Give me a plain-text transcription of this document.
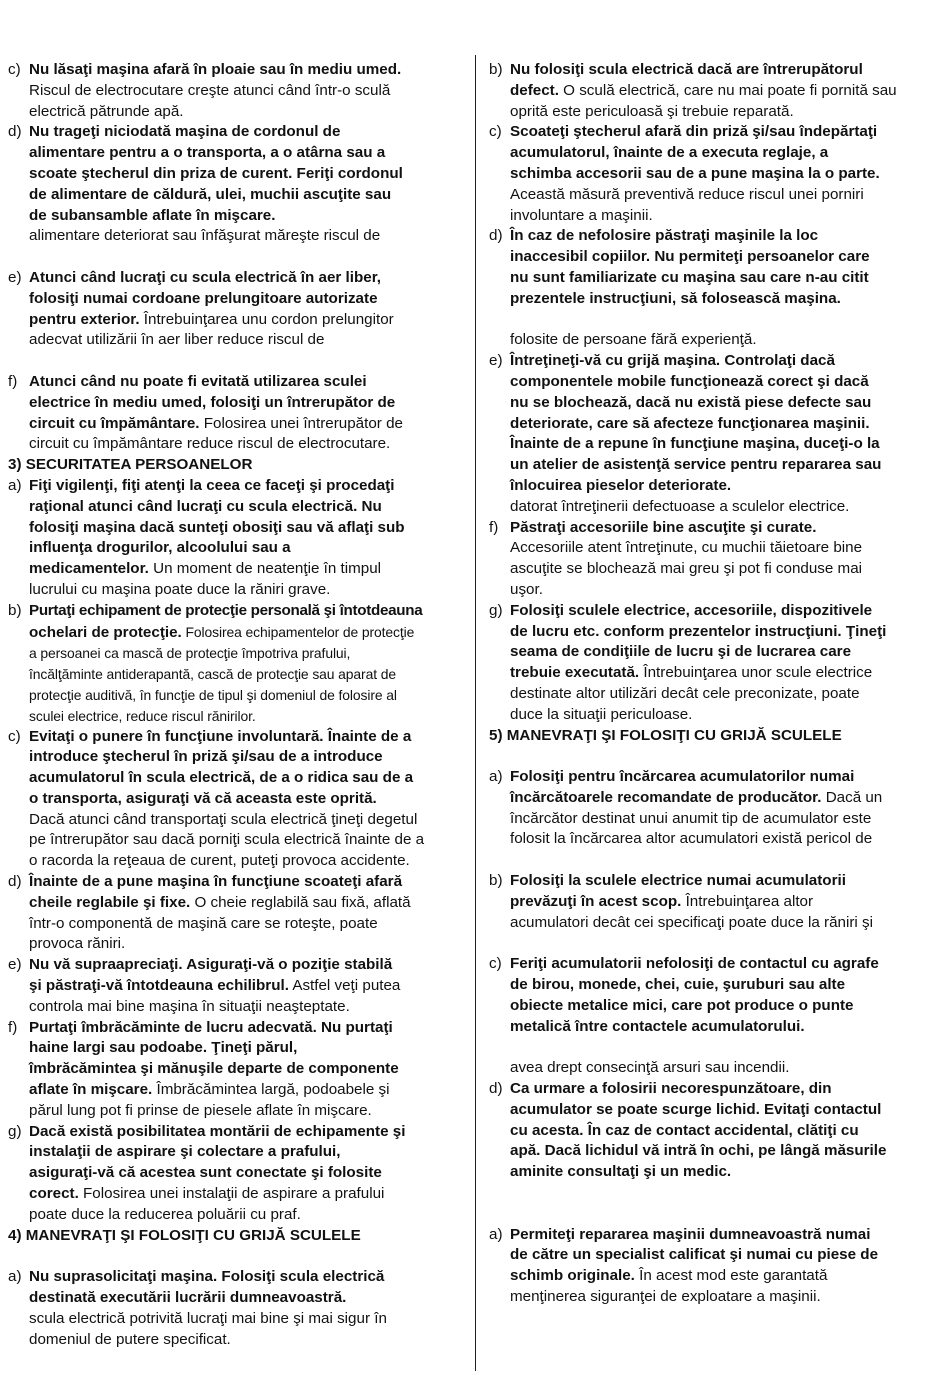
c) Nu lăsaţi maşina afară în ploaie sau în mediu umed.
Riscul de electrocutare creşte atunci când într-o sculă
electrică pătrunde apă.
d) Nu trageţi niciodată maşina de cordonul de
alimentare pentru a o transporta, a o atârna sau a
scoate ştecherul din priza de curent. Feriţi cordonul
de alimentare de căldură, ulei, muchii ascuţite sau
de subansamble aflate în mişcare.
alimentare deteriorat sau înfăşurat măreşte riscul de
e) Atunci când lucraţi cu scula electrică în aer liber,
folosiţi numai cordoane prelungitoare autorizate
pentru exterior. Întrebuinţarea unu cordon prelungitor
adecvat utilizării în aer liber reduce riscul de
f) Atunci când nu poate fi evitată utilizarea sculei
electrice în mediu umed, folosiţi un întrerupător de
circuit cu împământare. Folosirea unei întrerupător de
circuit cu împământare reduce riscul de electrocutare.
3) SECURITATEA PERSOANELOR
a) Fiţi vigilenţi, fiţi atenţi la ceea ce faceţi şi procedaţi
raţional atunci când lucraţi cu scula electrică. Nu
folosiţi maşina dacă sunteţi obosiţi sau vă aflaţi sub
influenţa drogurilor, alcoolului sau a
medicamentelor. Un moment de neatenţie în timpul
lucrului cu maşina poate duce la răniri grave.
b) Purtaţi echipament de protecţie personală şi întotdeauna
ochelari de protecţie. Folosirea echipamentelor de protecţie
a persoanei ca mască de protecţie împotriva prafului,
încălţăminte antiderapantă, cască de protecţie sau aparat de
protecţie auditivă, în funcţie de tipul şi domeniul de folosire al
sculei electrice, reduce riscul rănirilor.
c) Evitaţi o punere în funcţiune involuntară. Înainte de a
introduce ştecherul în priză şi/sau de a introduce
acumulatorul în scula electrică, de a o ridica sau de a
o transporta, asiguraţi vă că aceasta este oprită.
Dacă atunci când transportaţi scula electrică ţineţi degetul
pe întrerupător sau dacă porniţi scula electrică înainte de a
o racorda la reţeaua de curent, puteţi provoca accidente.
d) Înainte de a pune maşina în funcţiune scoateţi afară
cheile reglabile şi fixe. O cheie reglabilă sau fixă, aflată
într-o componentă de maşină care se roteşte, poate
provoca răniri.
e) Nu vă supraapreciaţi. Asiguraţi-vă o poziţie stabilă
şi păstraţi-vă întotdeauna echilibrul. Astfel veţi putea
controla mai bine maşina în situaţii neaşteptate.
f) Purtaţi îmbrăcăminte de lucru adecvată. Nu purtaţi
haine largi sau podoabe. Ţineţi părul,
îmbrăcămintea şi mănuşile departe de componente
aflate în mişcare. Îmbrăcămintea largă, podoabele şi
părul lung pot fi prinse de piesele aflate în mişcare.
g) Dacă există posibilitatea montării de echipamente şi
instalaţii de aspirare şi colectare a prafului,
asiguraţi-vă că acestea sunt conectate şi folosite
corect. Folosirea unei instalaţii de aspirare a prafului
poate duce la reducerea poluării cu praf.
4) MANEVRAŢI ŞI FOLOSIŢI CU GRIJĂ SCULELE
a) Nu suprasolicitaţi maşina. Folosiţi scula electrică
destinată executării lucrării dumneavoastră.
scula electrică potrivită lucraţi mai bine şi mai sigur în
domeniul de putere specificat.
b) Nu folosiţi scula electrică dacă are întrerupătorul
defect. O sculă electrică, care nu mai poate fi pornită sau
oprită este periculoasă şi trebuie reparată.
c) Scoateţi ştecherul afară din priză şi/sau îndepărtaţi
acumulatorul, înainte de a executa reglaje, a
schimba accesorii sau de a pune maşina la o parte.
Această măsură preventivă reduce riscul unei porniri
involuntare a maşinii.
d) În caz de nefolosire păstraţi maşinile la loc
inaccesibil copiilor. Nu permiteţi persoanelor care
nu sunt familiarizate cu maşina sau care n-au citit
prezentele instrucţiuni, să folosească maşina.

folosite de persoane fără experienţă.
e) Întreţineţi-vă cu grijă maşina. Controlaţi dacă
componentele mobile funcţionează corect şi dacă
nu se blochează, dacă nu există piese defecte sau
deteriorate, care să afecteze funcţionarea maşinii.
Înainte de a repune în funcţiune maşina, duceţi-o la
un atelier de asistenţă service pentru repararea sau
înlocuirea pieselor deteriorate.
datorat întreţinerii defectuoase a sculelor electrice.
f) Păstraţi accesoriile bine ascuţite şi curate.
Accesoriile atent întreţinute, cu muchii tăietoare bine
ascuţite se blochează mai greu şi pot fi conduse mai
uşor.
g) Folosiţi sculele electrice, accesoriile, dispozitivele
de lucru etc. conform prezentelor instrucţiuni. Ţineţi
seama de condiţiile de lucru şi de lucrarea care
trebuie executată. Întrebuinţarea unor scule electrice
destinate altor utilizări decât cele preconizate, poate
duce la situaţii periculoase.
5) MANEVRAŢI ŞI FOLOSIŢI CU GRIJĂ SCULELE
a) Folosiţi pentru încărcarea acumulatorilor numai
încărcătoarele recomandate de producător. Dacă un
încărcător destinat unui anumit tip de acumulator este
folosit la încărcarea altor acumulatori există pericol de
b) Folosiţi la sculele electrice numai acumulatorii
prevăzuţi în acest scop. Întrebuinţarea altor
acumulatori decât cei specificaţi poate duce la răniri şi
c) Feriţi acumulatorii nefolosiţi de contactul cu agrafe
de birou, monede, chei, cuie, şuruburi sau alte
obiecte metalice mici, care pot produce o punte
metalică între contactele acumulatorului.

avea drept consecinţă arsuri sau incendii.
d) Ca urmare a folosirii necorespunzătoare, din
acumulator se poate scurge lichid. Evitaţi contactul
cu acesta. În caz de contact accidental, clătiţi cu
apă. Dacă lichidul vă intră în ochi, pe lângă măsurile
aminite consultaţi şi un medic.
a) Permiteţi repararea maşinii dumneavoastră numai
de către un specialist calificat şi numai cu piese de
schimb originale. În acest mod este garantată
menţinerea siguranţei de exploatare a maşinii.
